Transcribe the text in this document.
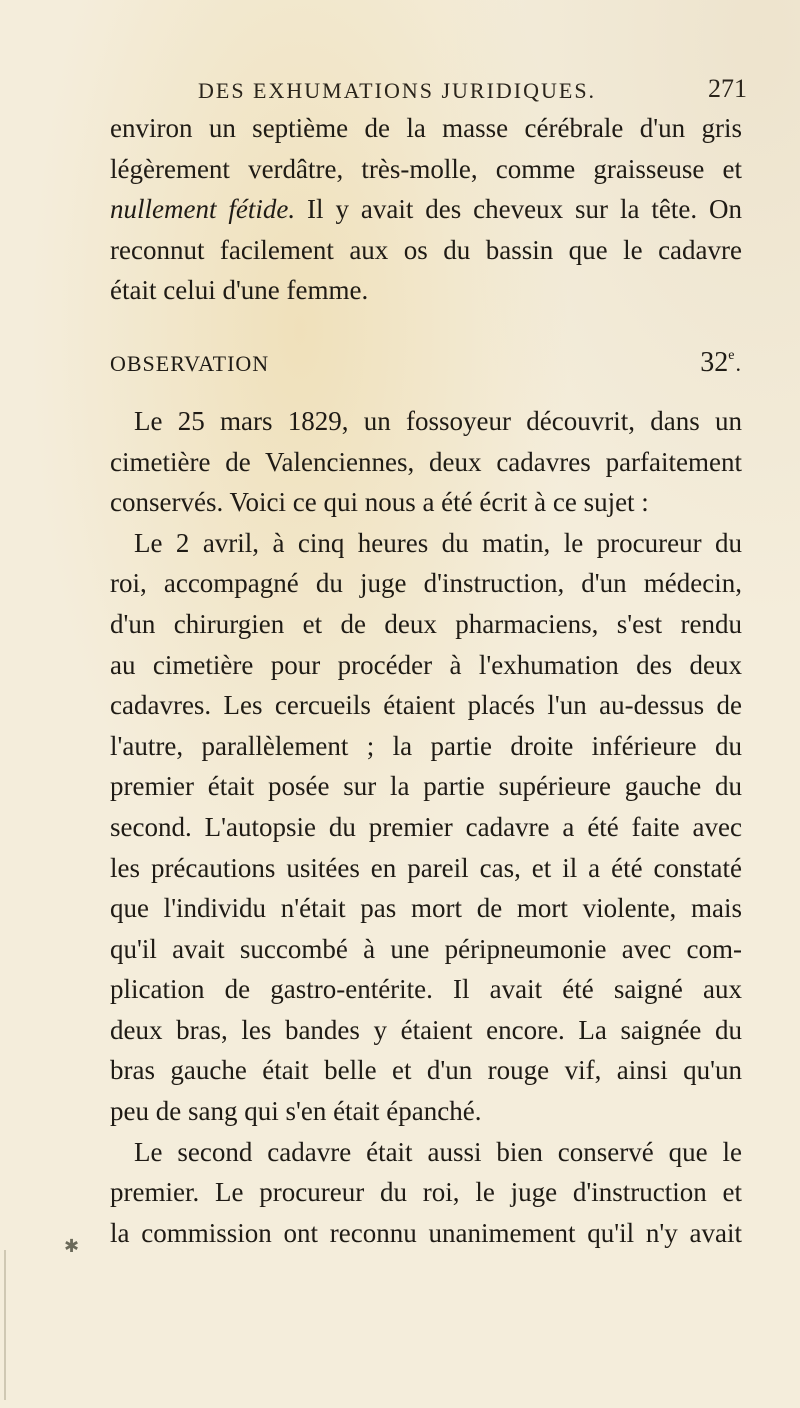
DES EXHUMATIONS JURIDIQUES.	271

environ un septième de la masse cérébrale d'un gris

légèrement verdâtre, très-molle, comme graisseuse et

nullement fétide. Il y avait des cheveux sur la tête. On

reconnut facilement aux os du bassin que le cadavre

était celui d'une femme.

OBSERVATION	32e.

Le 25 mars 1829, un fossoyeur découvrit, dans un

cimetière de Valenciennes, deux cadavres parfaitement

conservés. Voici ce qui nous a été écrit à ce sujet :

Le 2 avril, à cinq heures du matin, le procureur du

roi, accompagné du juge d'instruction, d'un médecin,

d'un chirurgien et de deux pharmaciens, s'est rendu

au cimetière pour procéder à l'exhumation des deux

cadavres. Les cercueils étaient placés l'un au-dessus de

l'autre, parallèlement ; la partie droite inférieure du

premier était posée sur la partie supérieure gauche du

second. L'autopsie du premier cadavre a été faite avec

les précautions usitées en pareil cas, et il a été constaté

que l'individu n'était pas mort de mort violente, mais

qu'il avait succombé à une péripneumonie avec com-

plication de gastro-entérite. Il avait été saigné aux

deux bras, les bandes y étaient encore. La saignée du

bras gauche était belle et d'un rouge vif, ainsi qu'un

peu de sang qui s'en était épanché.

Le second cadavre était aussi bien conservé que le

premier. Le procureur du roi, le juge d'instruction et

la commission ont reconnu unanimement qu'il n'y avait

✱
